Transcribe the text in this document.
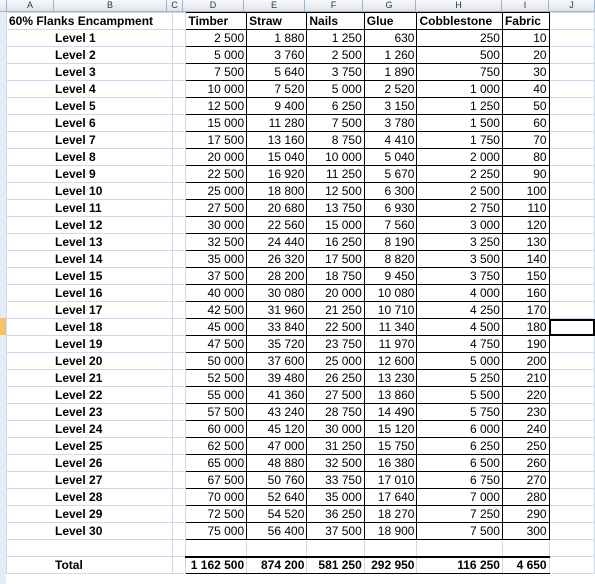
A	B	C	D	E	F	G	H	I	J
60% Flanks Encampment		Timber	Straw	Nails	Glue	Cobblestone	Fabric	
Level 1		2 500	1 880	1 250	630	250	10	
Level 2		5 000	3 760	2 500	1 260	500	20	
Level 3		7 500	5 640	3 750	1 890	750	30	
Level 4		10 000	7 520	5 000	2 520	1 000	40	
Level 5		12 500	9 400	6 250	3 150	1 250	50	
Level 6		15 000	11 280	7 500	3 780	1 500	60	
Level 7		17 500	13 160	8 750	4 410	1 750	70	
Level 8		20 000	15 040	10 000	5 040	2 000	80	
Level 9		22 500	16 920	11 250	5 670	2 250	90	
Level 10		25 000	18 800	12 500	6 300	2 500	100	
Level 11		27 500	20 680	13 750	6 930	2 750	110	
Level 12		30 000	22 560	15 000	7 560	3 000	120	
Level 13		32 500	24 440	16 250	8 190	3 250	130	
Level 14		35 000	26 320	17 500	8 820	3 500	140	
Level 15		37 500	28 200	18 750	9 450	3 750	150	
Level 16		40 000	30 080	20 000	10 080	4 000	160	
Level 17		42 500	31 960	21 250	10 710	4 250	170	
Level 18		45 000	33 840	22 500	11 340	4 500	180	
Level 19		47 500	35 720	23 750	11 970	4 750	190	
Level 20		50 000	37 600	25 000	12 600	5 000	200	
Level 21		52 500	39 480	26 250	13 230	5 250	210	
Level 22		55 000	41 360	27 500	13 860	5 500	220	
Level 23		57 500	43 240	28 750	14 490	5 750	230	
Level 24		60 000	45 120	30 000	15 120	6 000	240	
Level 25		62 500	47 000	31 250	15 750	6 250	250	
Level 26		65 000	48 880	32 500	16 380	6 500	260	
Level 27		67 500	50 760	33 750	17 010	6 750	270	
Level 28		70 000	52 640	35 000	17 640	7 000	280	
Level 29		72 500	54 520	36 250	18 270	7 250	290	
Level 30		75 000	56 400	37 500	18 900	7 500	300	

Total		1 162 500	874 200	581 250	292 950	116 250	4 650	
